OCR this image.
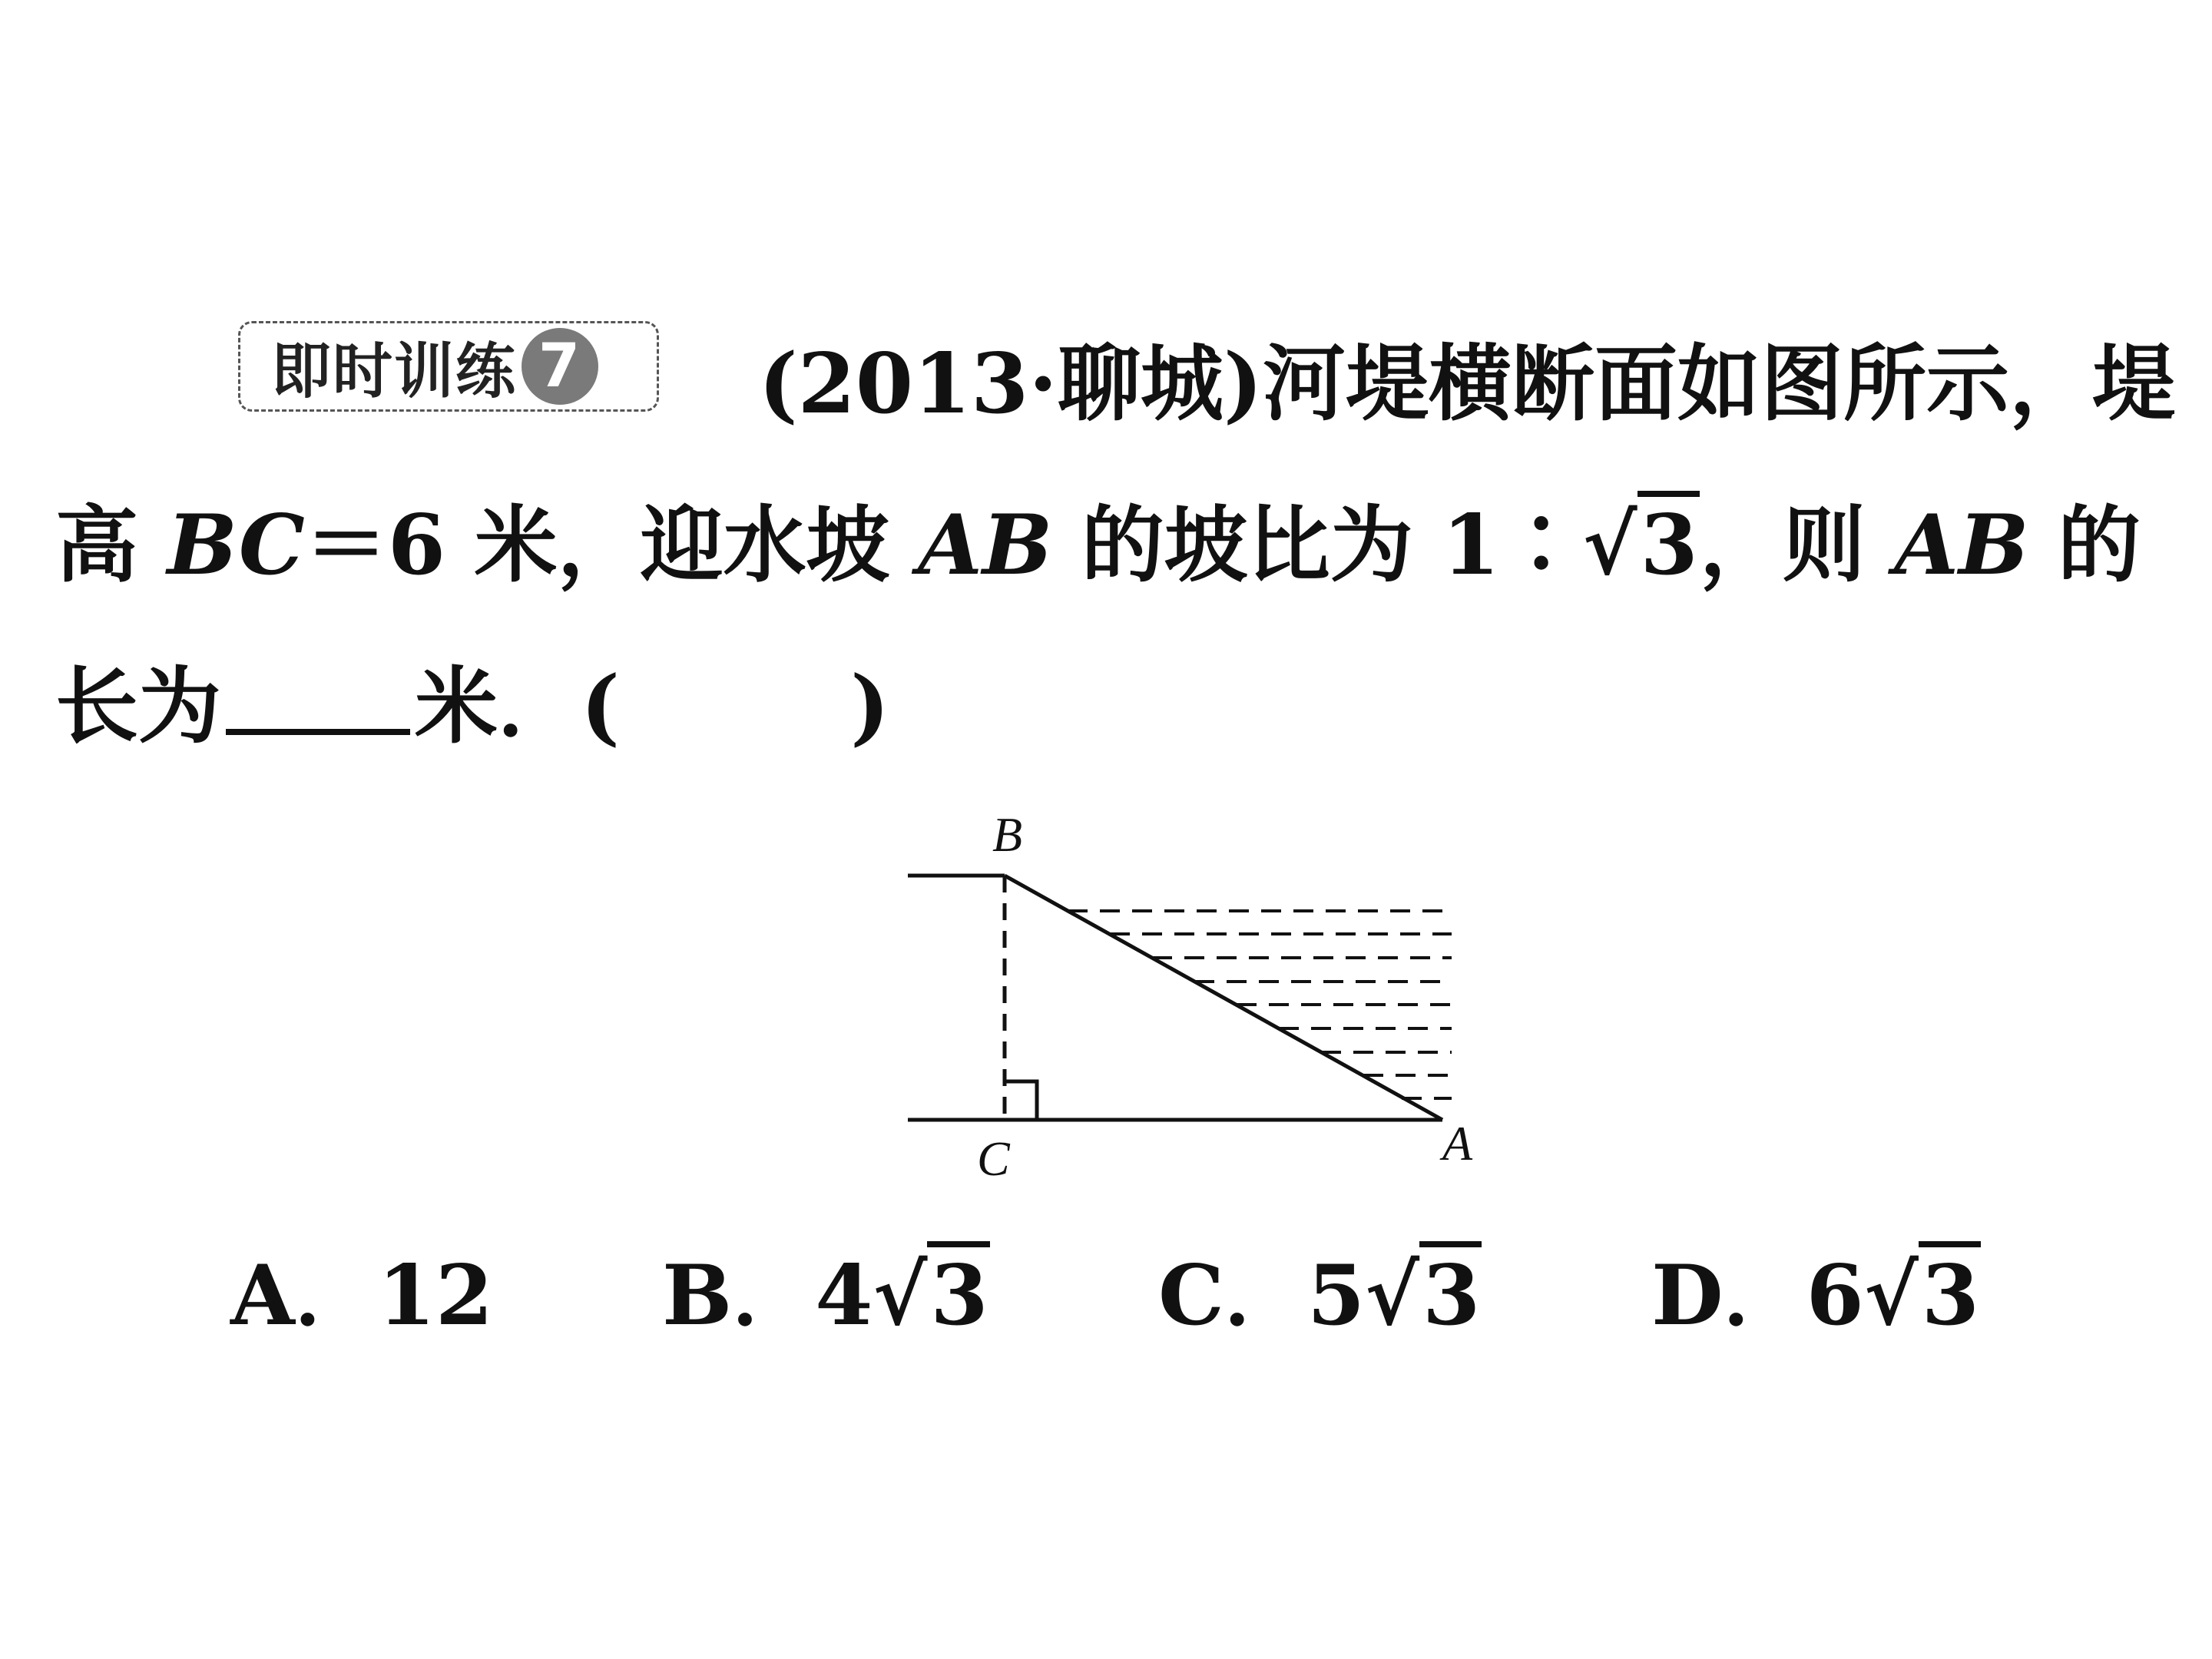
即时训练 7	(2013·聊城)河堤横断面如图所示，堤
高 BC＝6 米，迎水坡 AB 的坡比为 1∶√3，则 AB 的
长为 米．(	)
B
C	A
A．12 B．4√3 C．5√3 D．6√3
